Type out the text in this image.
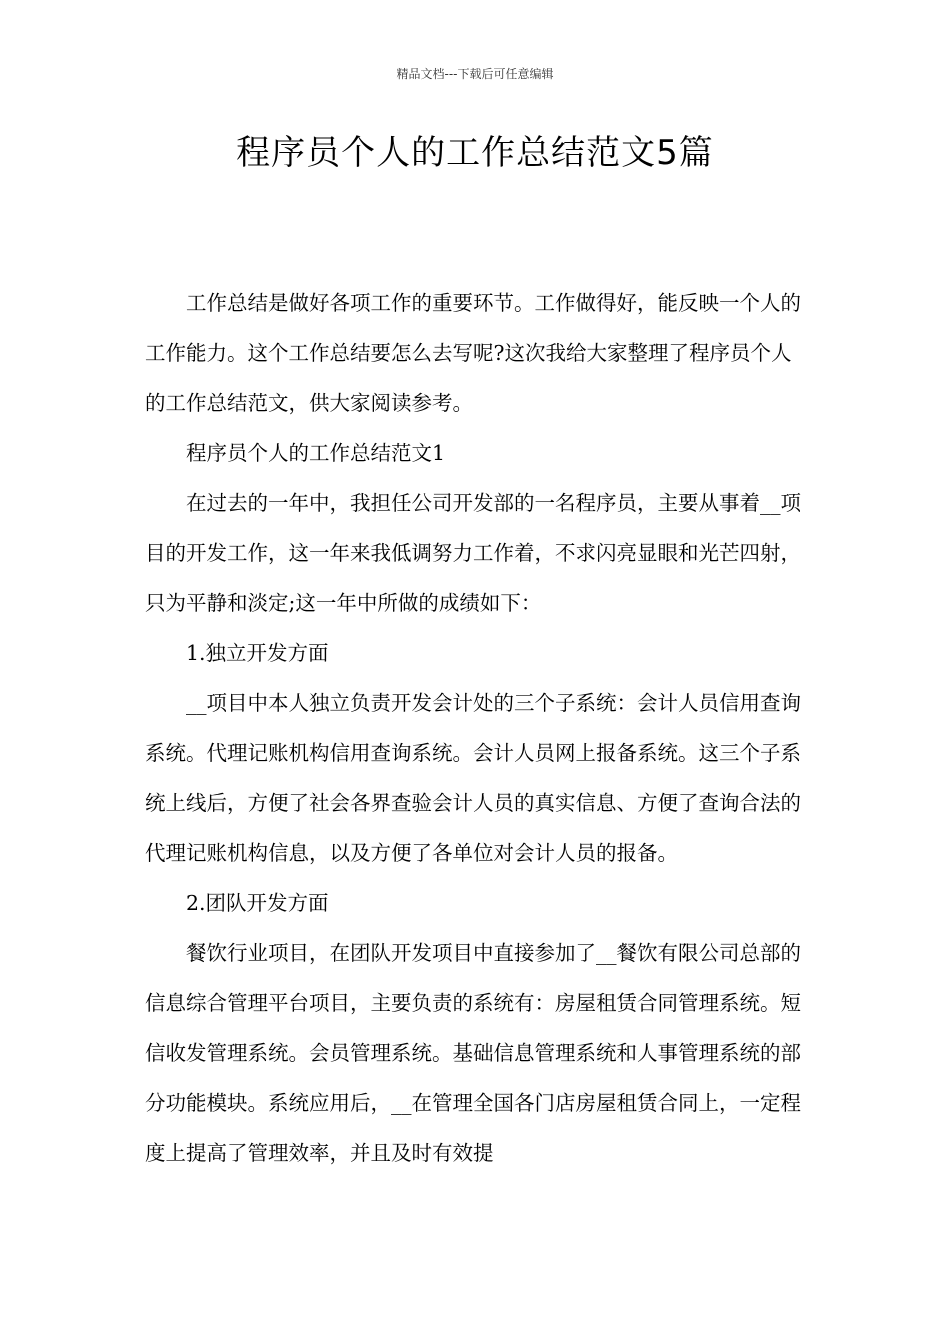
精品文档---下载后可任意编辑
程序员个人的工作总结范文5篇

工作总结是做好各项工作的重要环节。工作做得好，能反映一个人的工作能力。这个工作总结要怎么去写呢?这次我给大家整理了程序员个人的工作总结范文，供大家阅读参考。

程序员个人的工作总结范文1

在过去的一年中，我担任公司开发部的一名程序员，主要从事着__项目的开发工作，这一年来我低调努力工作着，不求闪亮显眼和光芒四射，只为平静和淡定;这一年中所做的成绩如下：

1.独立开发方面

__项目中本人独立负责开发会计处的三个子系统：会计人员信用查询系统。代理记账机构信用查询系统。会计人员网上报备系统。这三个子系统上线后，方便了社会各界查验会计人员的真实信息、方便了查询合法的代理记账机构信息，以及方便了各单位对会计人员的报备。

2.团队开发方面

餐饮行业项目，在团队开发项目中直接参加了__餐饮有限公司总部的信息综合管理平台项目，主要负责的系统有：房屋租赁合同管理系统。短信收发管理系统。会员管理系统。基础信息管理系统和人事管理系统的部分功能模块。系统应用后，__在管理全国各门店房屋租赁合同上，一定程度上提高了管理效率，并且及时有效提
